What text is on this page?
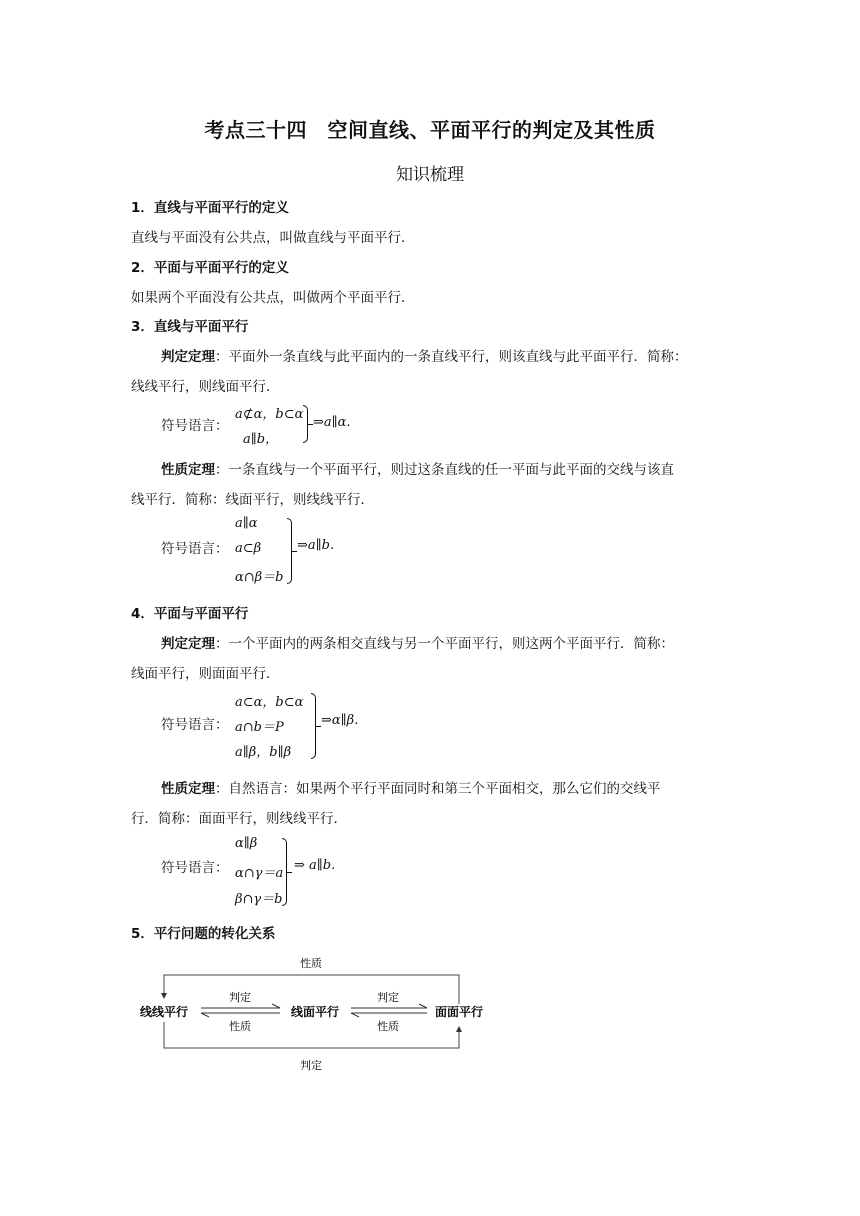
考点三十四　空间直线、平面平行的判定及其性质
知识梳理
1．直线与平面平行的定义
直线与平面没有公共点，叫做直线与平面平行．
2．平面与平面平行的定义
如果两个平面没有公共点，叫做两个平面平行．
3．直线与平面平行
判定定理：平面外一条直线与此平面内的一条直线平行，则该直线与此平面平行．简称：
线线平行，则线面平行．
符号语言：
a⊄α，b⊂α
a∥b，
⇒a∥α.
性质定理：一条直线与一个平面平行，则过这条直线的任一平面与此平面的交线与该直
线平行．简称：线面平行，则线线平行．
符号语言：
a∥α
a⊂β
α∩β＝b
⇒a∥b.
4．平面与平面平行
判定定理：一个平面内的两条相交直线与另一个平面平行，则这两个平面平行．简称：
线面平行，则面面平行．
符号语言：
a⊂α，b⊂α
a∩b＝P
a∥β，b∥β
⇒α∥β.
性质定理：自然语言：如果两个平行平面同时和第三个平面相交，那么它们的交线平
行．简称：面面平行，则线线平行．
符号语言：
α∥β
α∩γ＝a
β∩γ＝b
⇒ a∥b.
5．平行问题的转化关系
线线平行	线面平行	面面平行
性质
判定
判定
性质
判定
性质
